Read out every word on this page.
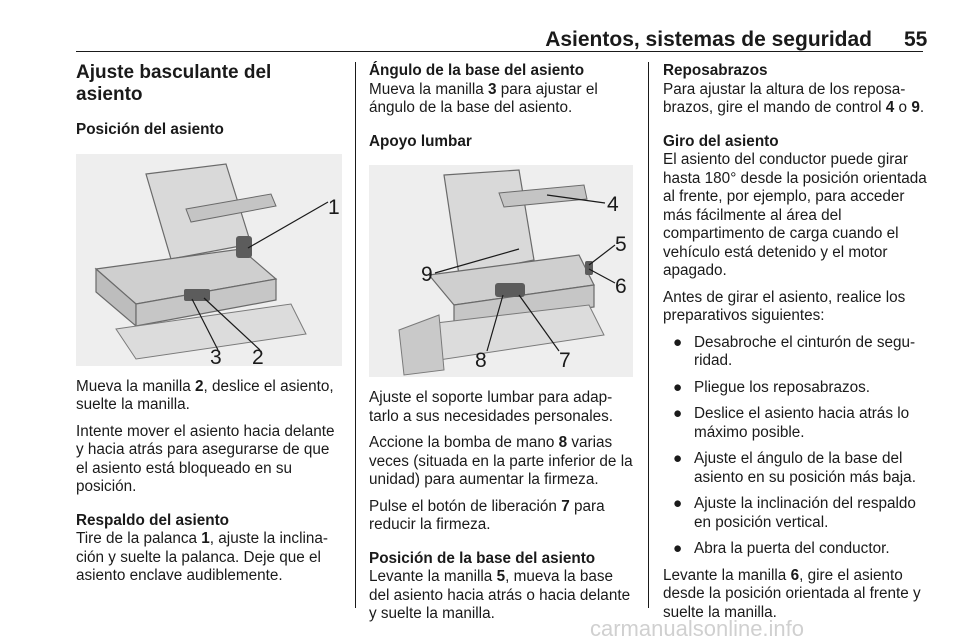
Asientos, sistemas de seguridad 55
Ajuste basculante del asiento
Posición del asiento
1
3 2

Mueva la manilla 2, deslice el asiento, suelte la manilla.

Intente mover el asiento hacia delante y hacia atrás para asegurarse de que el asiento está bloqueado en su posición.

Respaldo del asiento

Tire de la palanca 1, ajuste la inclinación y suelte la palanca. Deje que el asiento enclave audiblemente.

Ángulo de la base del asiento

Mueva la manilla 3 para ajustar el ángulo de la base del asiento.

Apoyo lumbar
4
5
6
9
8	7

Ajuste el soporte lumbar para adaptarlo a sus necesidades personales.

Accione la bomba de mano 8 varias veces (situada en la parte inferior de la unidad) para aumentar la firmeza.

Pulse el botón de liberación 7 para reducir la firmeza.

Posición de la base del asiento

Levante la manilla 5, mueva la base del asiento hacia atrás o hacia delante y suelte la manilla.

Reposabrazos

Para ajustar la altura de los reposabrazos, gire el mando de control 4 o 9.

Giro del asiento

El asiento del conductor puede girar hasta 180° desde la posición orientada al frente, por ejemplo, para acceder más fácilmente al área del compartimento de carga cuando el vehículo está detenido y el motor apagado.

Antes de girar el asiento, realice los preparativos siguientes:

● Desabroche el cinturón de seguridad.
● Pliegue los reposabrazos.
● Deslice el asiento hacia atrás lo máximo posible.
● Ajuste el ángulo de la base del asiento en su posición más baja.
● Ajuste la inclinación del respaldo en posición vertical.
● Abra la puerta del conductor.

Levante la manilla 6, gire el asiento desde la posición orientada al frente y suelte la manilla.

carmanualsonline.info
